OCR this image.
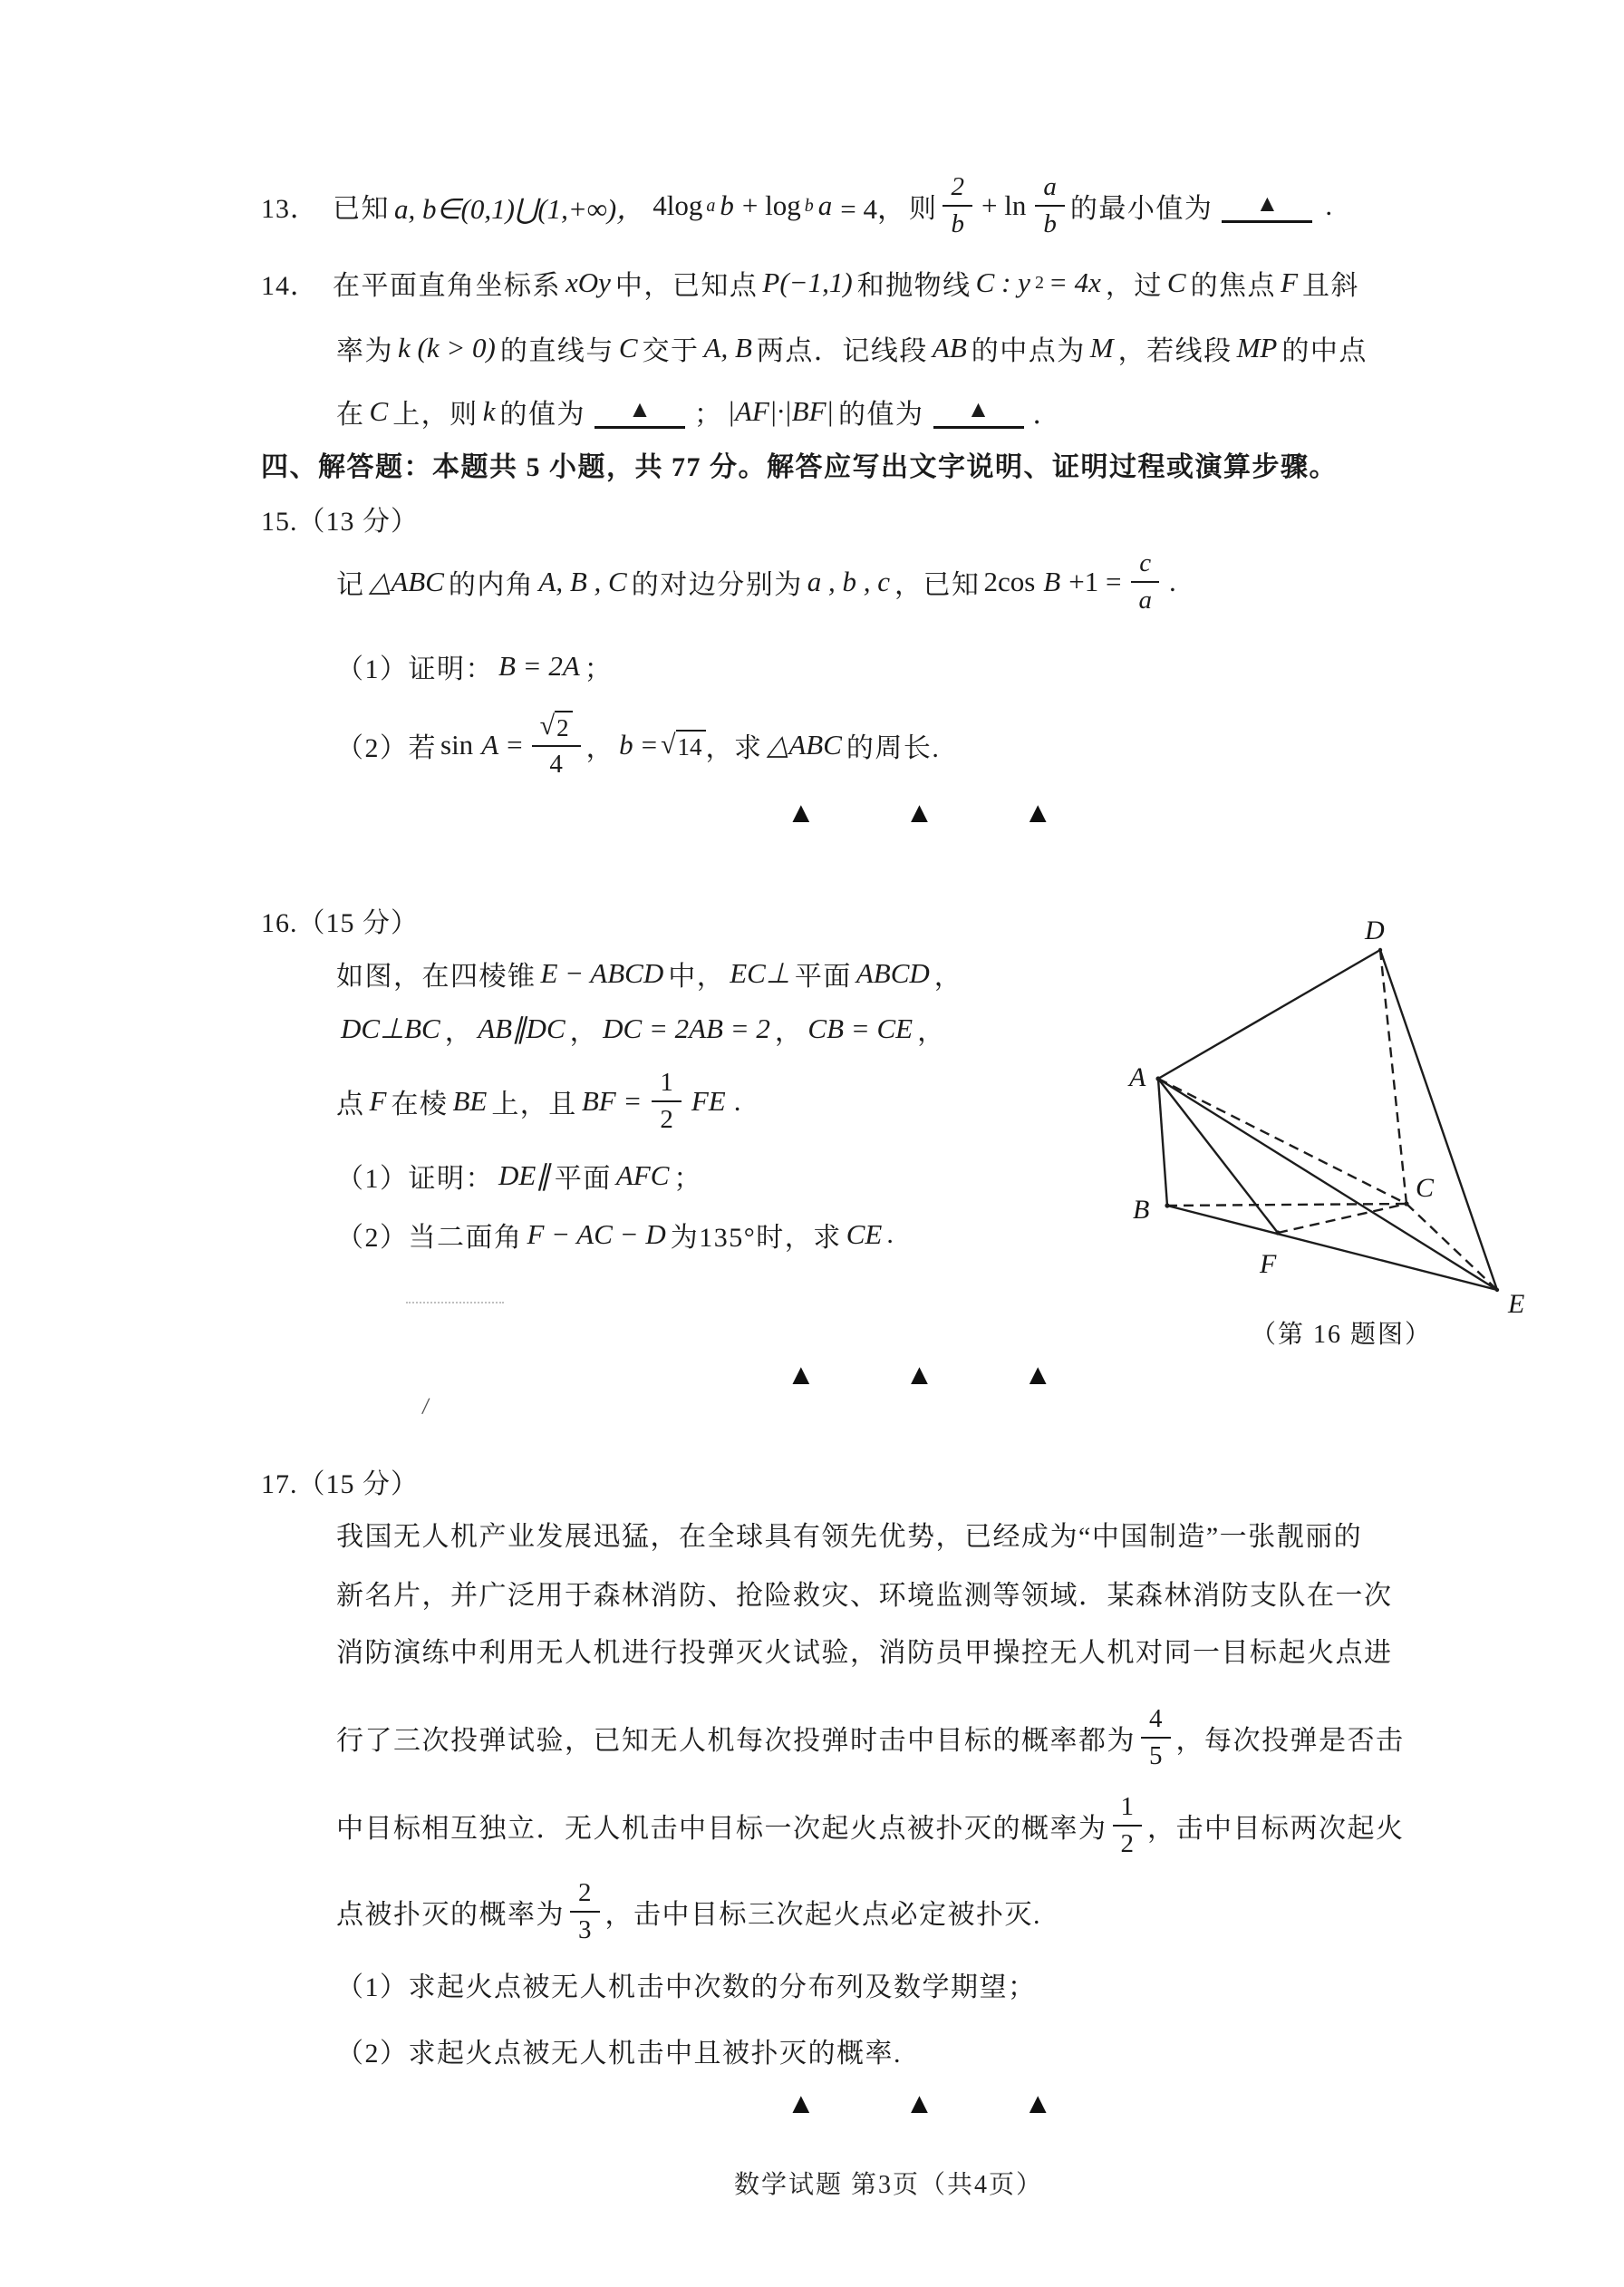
13． 已知 a, b∈(0,1)⋃(1,+∞)， 4log a b + log b a = 4， 则 $\frac{2}{b} + \ln \frac{a}{b}$ 的最小值为	▲	.
14． 在平面直角坐标系 xOy 中，已知点 P(−1,1) 和抛物线 C : y 2 = 4x ，过 C 的焦点 F 且斜
率为 k (k > 0) 的直线与 C 交于 A, B 两点．记线段 AB 的中点为 M ，若线段 MP 的中点
在 C 上，则 k 的值为	▲	； |AF|·|BF| 的值为	▲	．
四、解答题：本题共 5 小题，共 77 分。解答应写出文字说明、证明过程或演算步骤。
15.（13 分）
记 △ABC 的内角 A, B , C 的对边分别为 a , b , c ，已知 2cos $B +1 = \frac{c}{a}$ .
（1）证明： B = 2A ；
（2）若 $\sin A = \frac{√ 2}{4}$ ， b = √ 14 ，求 △ABC 的周长.
▲	▲	▲
16.（15 分）
如图，在四棱锥 E − ABCD 中， EC⊥ 平面 ABCD ，
DC⊥BC ， AB∥DC ， DC = 2AB = 2 ， CB = CE ，
点 F 在棱 BE 上，且 BF = $\frac{1}{2}$ FE .
（1）证明： DE∥ 平面 AFC ；
（2）当二面角 F − AC − D 为135°时，求 CE .
D
A
B
C
F
E
（第 16 题图）
▲	▲	▲
/
17.（15 分）
我国无人机产业发展迅猛，在全球具有领先优势，已经成为“中国制造”一张靓丽的
新名片，并广泛用于森林消防、抢险救灾、环境监测等领域．某森林消防支队在一次
消防演练中利用无人机进行投弹灭火试验，消防员甲操控无人机对同一目标起火点进
行了三次投弹试验，已知无人机每次投弹时击中目标的概率都为 $\frac{4}{5}$ ，每次投弹是否击
中目标相互独立．无人机击中目标一次起火点被扑灭的概率为 $\frac{1}{2}$ ，击中目标两次起火
点被扑灭的概率为 $\frac{2}{3}$ ，击中目标三次起火点必定被扑灭.
（1）求起火点被无人机击中次数的分布列及数学期望；
（2）求起火点被无人机击中且被扑灭的概率.
▲	▲	▲
数学试题 第3页（共4页）
